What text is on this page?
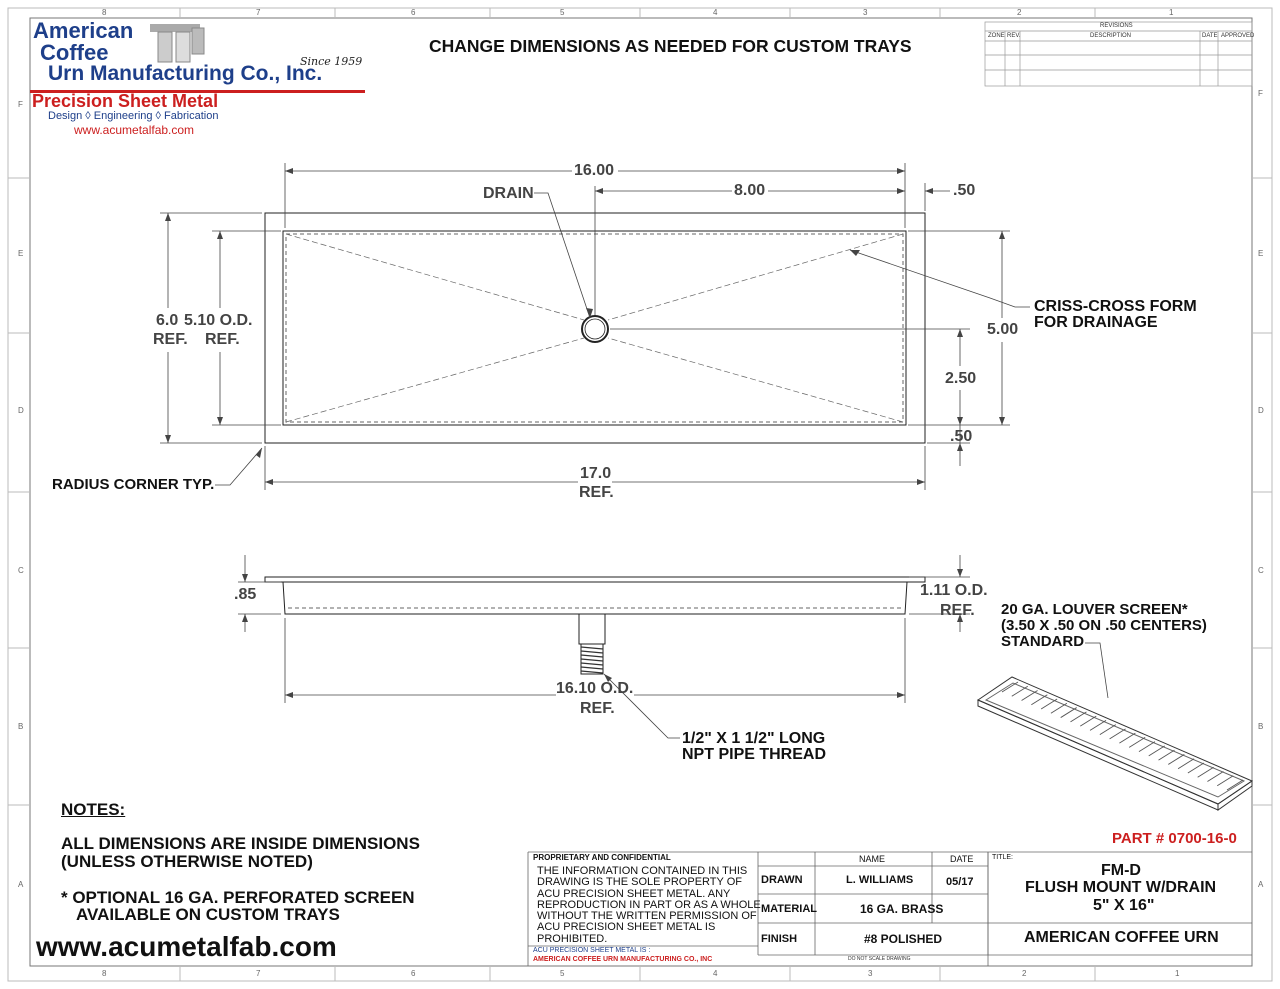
8	7	6	5	4	3	2	1
8	7	6	5	4	3	2	1
F
E
D
C
B
A
F
E
D
C
B
A
American
Coffee
Urn Manufacturing Co., Inc.
Since 1959
Precision Sheet Metal
Design ◊ Engineering ◊ Fabrication
www.acumetalfab.com
CHANGE DIMENSIONS AS NEEDED FOR CUSTOM TRAYS
REVISIONS
ZONE REV.	DESCRIPTION	DATE APPROVED
16.00
8.00	.50
DRAIN
6.0
REF.
5.10 O.D.
REF.
5.00
2.50
.50
CRISS-CROSS FORM
FOR DRAINAGE
RADIUS CORNER TYP.
17.0
REF.
.85	1.11 O.D.
REF.
16.10 O.D.
REF.
1/2" X 1 1/2" LONG
NPT PIPE THREAD
20 GA. LOUVER SCREEN*
(3.50 X .50 ON .50 CENTERS)
STANDARD
NOTES:
ALL DIMENSIONS ARE INSIDE DIMENSIONS
(UNLESS OTHERWISE NOTED)
* OPTIONAL 16 GA. PERFORATED SCREEN
AVAILABLE ON CUSTOM TRAYS
www.acumetalfab.com
PART # 0700-16-0
PROPRIETARY AND CONFIDENTIAL
THE INFORMATION CONTAINED IN THIS
DRAWING IS THE SOLE PROPERTY OF
ACU PRECISION SHEET METAL. ANY
REPRODUCTION IN PART OR AS A WHOLE
WITHOUT THE WRITTEN PERMISSION OF
ACU PRECISION SHEET METAL IS
PROHIBITED.
ACU PRECISION SHEET METAL IS :
AMERICAN COFFEE URN MANUFACTURING CO., INC
NAME	DATE
DRAWN	L. WILLIAMS	05/17
MATERIAL	16 GA. BRASS
FINISH	#8 POLISHED
DO NOT SCALE DRAWING
TITLE:
FM-D
FLUSH MOUNT W/DRAIN
5" X 16"
AMERICAN COFFEE URN
